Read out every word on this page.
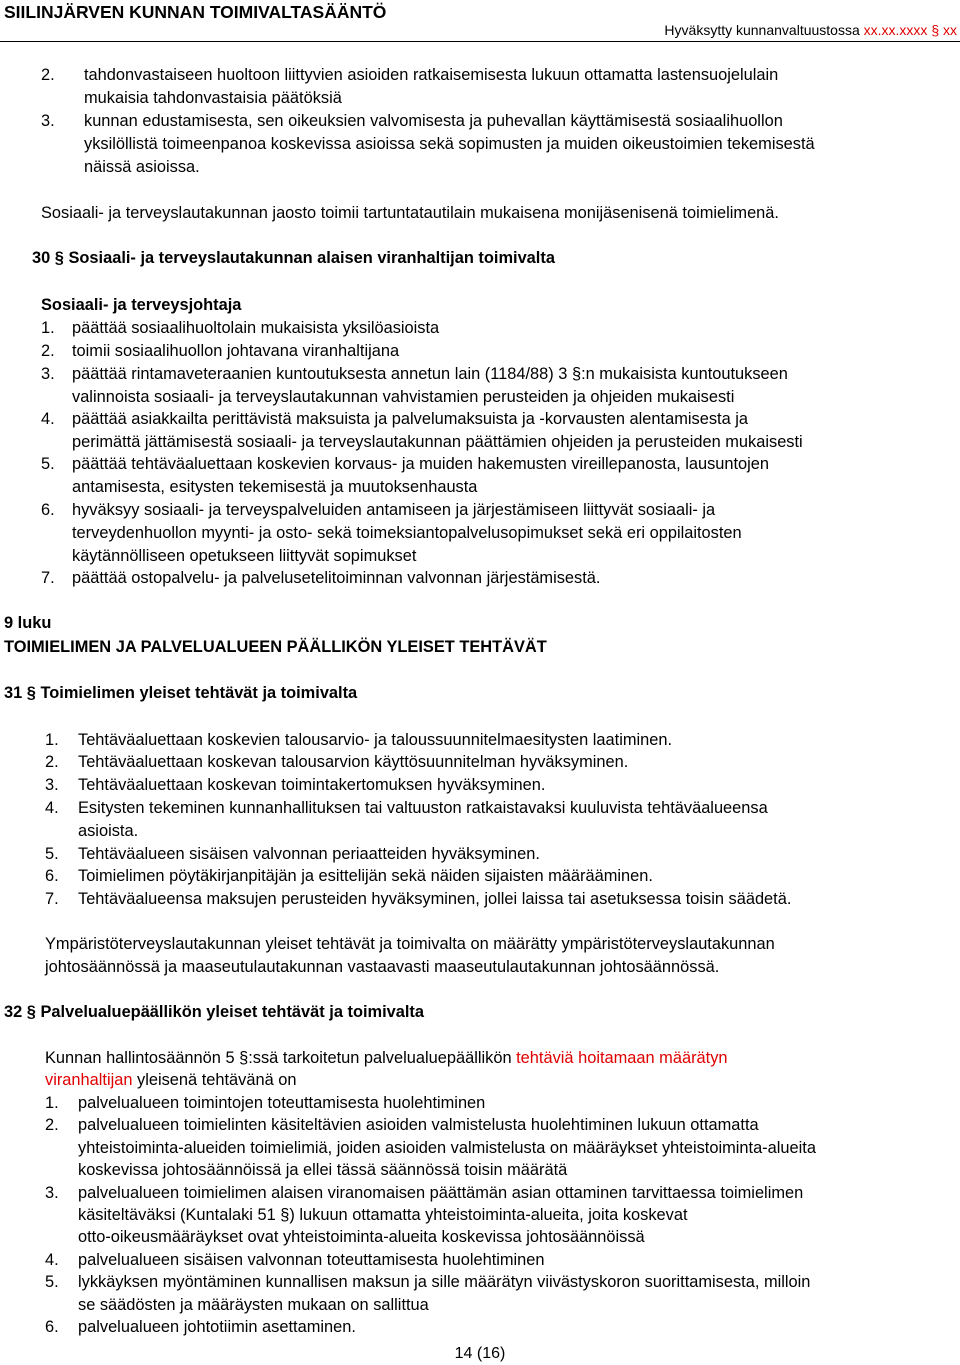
SIILINJÄRVEN KUNNAN TOIMIVALTASÄÄNTÖ
Hyväksytty kunnanvaltuustossa xx.xx.xxxx § xx
2. tahdonvastaiseen huoltoon liittyvien asioiden ratkaisemisesta lukuun ottamatta lastensuojelulain
mukaisia tahdonvastaisia päätöksiä
3. kunnan edustamisesta, sen oikeuksien valvomisesta ja puhevallan käyttämisestä sosiaalihuollon
yksilöllistä toimeenpanoa koskevissa asioissa sekä sopimusten ja muiden oikeustoimien tekemisestä
näissä asioissa.
Sosiaali- ja terveyslautakunnan jaosto toimii tartuntatautilain mukaisena monijäsenisenä toimielimenä.
30 § Sosiaali- ja terveyslautakunnan alaisen viranhaltijan toimivalta
Sosiaali- ja terveysjohtaja
1. päättää sosiaalihuoltolain mukaisista yksilöasioista
2. toimii sosiaalihuollon johtavana viranhaltijana
3. päättää rintamaveteraanien kuntoutuksesta annetun lain (1184/88) 3 §:n mukaisista kuntoutukseen
valinnoista sosiaali- ja terveyslautakunnan vahvistamien perusteiden ja ohjeiden mukaisesti
4. päättää asiakkailta perittävistä maksuista ja palvelumaksuista ja -korvausten alentamisesta ja
perimättä jättämisestä sosiaali- ja terveyslautakunnan päättämien ohjeiden ja perusteiden mukaisesti
5. päättää tehtäväaluettaan koskevien korvaus- ja muiden hakemusten vireillepanosta, lausuntojen
antamisesta, esitysten tekemisestä ja muutoksenhausta
6. hyväksyy sosiaali- ja terveyspalveluiden antamiseen ja järjestämiseen liittyvät sosiaali- ja
terveydenhuollon myynti- ja osto- sekä toimeksiantopalvelusopimukset sekä eri oppilaitosten
käytännölliseen opetukseen liittyvät sopimukset
7. päättää ostopalvelu- ja palvelusetelitoiminnan valvonnan järjestämisestä.
9 luku
TOIMIELIMEN JA PALVELUALUEEN PÄÄLLIKÖN YLEISET TEHTÄVÄT
31 § Toimielimen yleiset tehtävät ja toimivalta
1. Tehtäväaluettaan koskevien talousarvio- ja taloussuunnitelmaesitysten laatiminen.
2. Tehtäväaluettaan koskevan talousarvion käyttösuunnitelman hyväksyminen.
3. Tehtäväaluettaan koskevan toimintakertomuksen hyväksyminen.
4. Esitysten tekeminen kunnanhallituksen tai valtuuston ratkaistavaksi kuuluvista tehtäväalueensa
asioista.
5. Tehtäväalueen sisäisen valvonnan periaatteiden hyväksyminen.
6. Toimielimen pöytäkirjanpitäjän ja esittelijän sekä näiden sijaisten määrääminen.
7. Tehtäväalueensa maksujen perusteiden hyväksyminen, jollei laissa tai asetuksessa toisin säädetä.
Ympäristöterveyslautakunnan yleiset tehtävät ja toimivalta on määrätty ympäristöterveyslautakunnan
johtosäännössä ja maaseutulautakunnan vastaavasti maaseutulautakunnan johtosäännössä.
32 § Palvelualuepäällikön yleiset tehtävät ja toimivalta
Kunnan hallintosäännön 5 §:ssä tarkoitetun palvelualuepäällikön tehtäviä hoitamaan määrätyn
viranhaltijan yleisenä tehtävänä on
1. palvelualueen toimintojen toteuttamisesta huolehtiminen
2. palvelualueen toimielinten käsiteltävien asioiden valmistelusta huolehtiminen lukuun ottamatta
yhteistoiminta-alueiden toimielimiä, joiden asioiden valmistelusta on määräykset yhteistoiminta-alueita
koskevissa johtosäännöissä ja ellei tässä säännössä toisin määrätä
3. palvelualueen toimielimen alaisen viranomaisen päättämän asian ottaminen tarvittaessa toimielimen
käsiteltäväksi (Kuntalaki 51 §) lukuun ottamatta yhteistoiminta-alueita, joita koskevat
otto-oikeusmääräykset ovat yhteistoiminta-alueita koskevissa johtosäännöissä
4. palvelualueen sisäisen valvonnan toteuttamisesta huolehtiminen
5. lykkäyksen myöntäminen kunnallisen maksun ja sille määrätyn viivästyskoron suorittamisesta, milloin
se säädösten ja määräysten mukaan on sallittua
6. palvelualueen johtotiimin asettaminen.
14 (16)
